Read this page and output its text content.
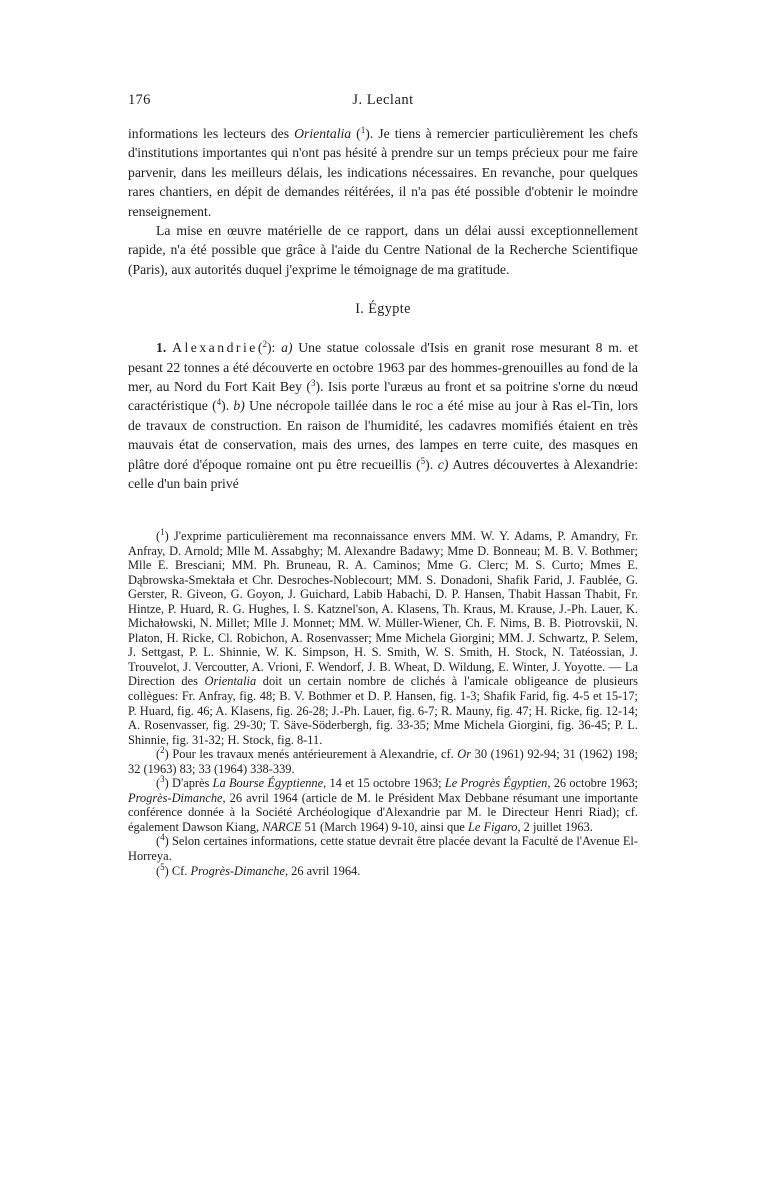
176	J. Leclant

informations les lecteurs des Orientalia ($^1$). Je tiens à remercier particulièrement les chefs d'institutions importantes qui n'ont pas hésité à prendre sur un temps précieux pour me faire parvenir, dans les meilleurs délais, les indications nécessaires. En revanche, pour quelques rares chantiers, en dépit de demandes réitérées, il n'a pas été possible d'obtenir le moindre renseignement.

La mise en œuvre matérielle de ce rapport, dans un délai aussi exceptionnellement rapide, n'a été possible que grâce à l'aide du Centre National de la Recherche Scientifique (Paris), aux autorités duquel j'exprime le témoignage de ma gratitude.

I. Égypte

1. Alexandrie($^2$): a) Une statue colossale d'Isis en granit rose mesurant 8 m. et pesant 22 tonnes a été découverte en octobre 1963 par des hommes-grenouilles au fond de la mer, au Nord du Fort Kait Bey ($^3$). Isis porte l'uræus au front et sa poitrine s'orne du nœud caractéristique ($^4$). b) Une nécropole taillée dans le roc a été mise au jour à Ras el-Tin, lors de travaux de construction. En raison de l'humidité, les cadavres momifiés étaient en très mauvais état de conservation, mais des urnes, des lampes en terre cuite, des masques en plâtre doré d'époque romaine ont pu être recueillis ($^5$). c) Autres découvertes à Alexandrie: celle d'un bain privé

($^1$) J'exprime particulièrement ma reconnaissance envers MM. W. Y. Adams, P. Amandry, Fr. Anfray, D. Arnold; Mlle M. Assabghy; M. Alexandre Badawy; Mme D. Bonneau; M. B. V. Bothmer; Mlle E. Bresciani; MM. Ph. Bruneau, R. A. Caminos; Mme G. Clerc; M. S. Curto; Mmes E. Dąbrowska-Smektała et Chr. Desroches-Noblecourt; MM. S. Donadoni, Shafik Farid, J. Faublée, G. Gerster, R. Giveon, G. Goyon, J. Guichard, Labib Habachi, D. P. Hansen, Thabit Hassan Thabit, Fr. Hintze, P. Huard, R. G. Hughes, I. S. Katznel'son, A. Klasens, Th. Kraus, M. Krause, J.-Ph. Lauer, K. Michałowski, N. Millet; Mlle J. Monnet; MM. W. Müller-Wiener, Ch. F. Nims, B. B. Piotrovskii, N. Platon, H. Ricke, Cl. Robichon, A. Rosenvasser; Mme Michela Giorgini; MM. J. Schwartz, P. Selem, J. Settgast, P. L. Shinnie, W. K. Simpson, H. S. Smith, W. S. Smith, H. Stock, N. Tatéossian, J. Trouvelot, J. Vercoutter, A. Vrioni, F. Wendorf, J. B. Wheat, D. Wildung, E. Winter, J. Yoyotte. — La Direction des Orientalia doit un certain nombre de clichés à l'amicale obligeance de plusieurs collègues: Fr. Anfray, fig. 48; B. V. Bothmer et D. P. Hansen, fig. 1-3; Shafik Farid, fig. 4-5 et 15-17; P. Huard, fig. 46; A. Klasens, fig. 26-28; J.-Ph. Lauer, fig. 6-7; R. Mauny, fig. 47; H. Ricke, fig. 12-14; A. Rosenvasser, fig. 29-30; T. Säve-Söderbergh, fig. 33-35; Mme Michela Giorgini, fig. 36-45; P. L. Shinnie, fig. 31-32; H. Stock, fig. 8-11.

($^2$) Pour les travaux menés antérieurement à Alexandrie, cf. Or 30 (1961) 92-94; 31 (1962) 198; 32 (1963) 83; 33 (1964) 338-339.

($^3$) D'après La Bourse Égyptienne, 14 et 15 octobre 1963; Le Progrès Égyptien, 26 octobre 1963; Progrès-Dimanche, 26 avril 1964 (article de M. le Président Max Debbane résumant une importante conférence donnée à la Société Archéologique d'Alexandrie par M. le Directeur Henri Riad); cf. également Dawson Kiang, NARCE 51 (March 1964) 9-10, ainsi que Le Figaro, 2 juillet 1963.

($^4$) Selon certaines informations, cette statue devrait être placée devant la Faculté de l'Avenue El-Horreya.

($^5$) Cf. Progrès-Dimanche, 26 avril 1964.
